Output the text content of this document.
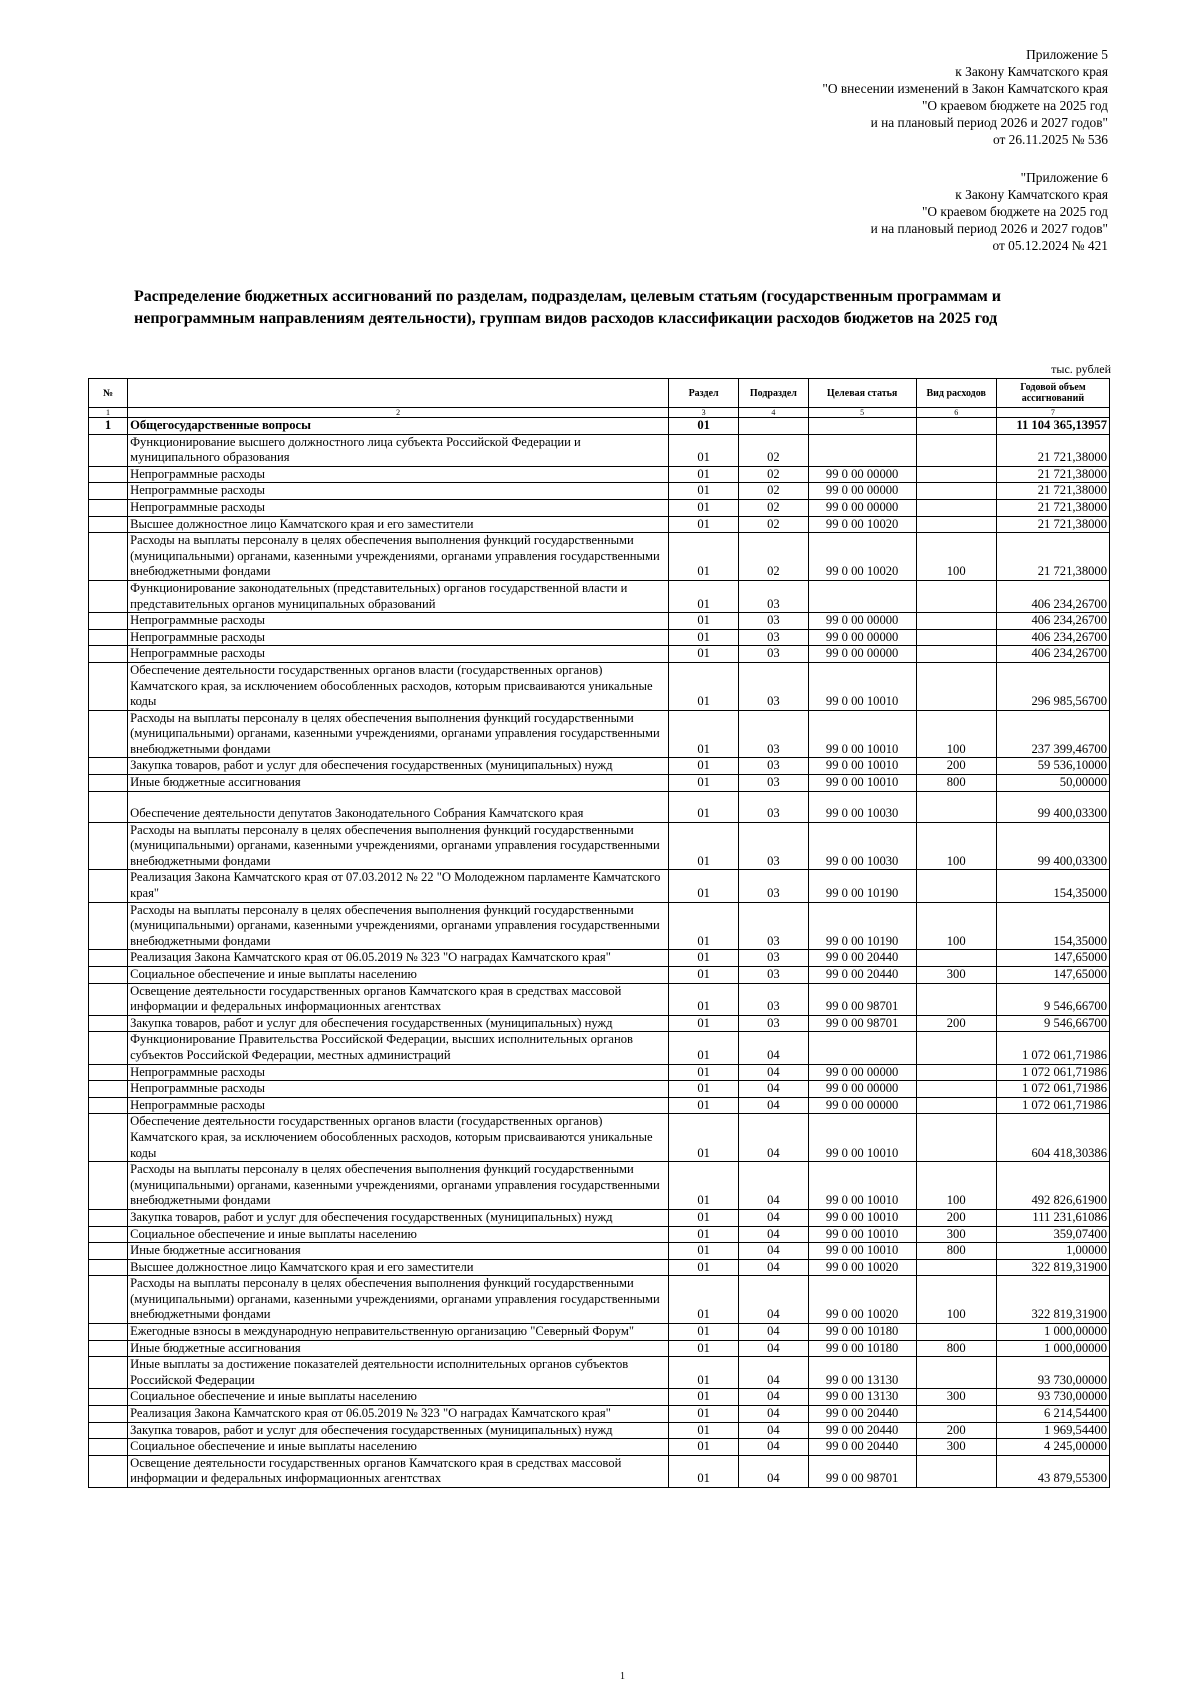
Приложение 5
к Закону Камчатского края
"О внесении изменений в Закон Камчатского края
"О краевом бюджете на 2025 год
и на плановый период 2026 и 2027 годов"
от 26.11.2025 № 536
"Приложение 6
к Закону Камчатского края
"О краевом бюджете на 2025 год
и на плановый период 2026 и 2027 годов"
от 05.12.2024 № 421
Распределение бюджетных ассигнований по разделам, подразделам, целевым статьям (государственным программам и непрограммным направлениям деятельности), группам видов расходов классификации расходов бюджетов на 2025 год
тыс. рублей
№		Раздел	Подраздел	Целевая статья	Вид расходов	Годовой объем ассигнований
1	2	3	4	5	6	7
1	Общегосударственные вопросы	01				11 104 365,13957
	Функционирование высшего должностного лица субъекта Российской Федерации и муниципального образования	01	02			21 721,38000
	Непрограммные расходы	01	02	99 0 00 00000		21 721,38000
	Непрограммные расходы	01	02	99 0 00 00000		21 721,38000
	Непрограммные расходы	01	02	99 0 00 00000		21 721,38000
	Высшее должностное лицо Камчатского края и его заместители	01	02	99 0 00 10020		21 721,38000
	Расходы на выплаты персоналу в целях обеспечения выполнения функций государственными (муниципальными) органами, казенными учреждениями, органами управления государственными внебюджетными фондами	01	02	99 0 00 10020	100	21 721,38000
	Функционирование законодательных (представительных) органов государственной власти и представительных органов муниципальных образований	01	03			406 234,26700
	Непрограммные расходы	01	03	99 0 00 00000		406 234,26700
	Непрограммные расходы	01	03	99 0 00 00000		406 234,26700
	Непрограммные расходы	01	03	99 0 00 00000		406 234,26700
	Обеспечение деятельности государственных органов власти (государственных органов) Камчатского края, за исключением обособленных расходов, которым присваиваются уникальные коды	01	03	99 0 00 10010		296 985,56700
	Расходы на выплаты персоналу в целях обеспечения выполнения функций государственными (муниципальными) органами, казенными учреждениями, органами управления государственными внебюджетными фондами	01	03	99 0 00 10010	100	237 399,46700
	Закупка товаров, работ и услуг для обеспечения государственных (муниципальных) нужд	01	03	99 0 00 10010	200	59 536,10000
	Иные бюджетные ассигнования	01	03	99 0 00 10010	800	50,00000
	Обеспечение деятельности депутатов Законодательного Собрания Камчатского края	01	03	99 0 00 10030		99 400,03300
	Расходы на выплаты персоналу в целях обеспечения выполнения функций государственными (муниципальными) органами, казенными учреждениями, органами управления государственными внебюджетными фондами	01	03	99 0 00 10030	100	99 400,03300
	Реализация Закона Камчатского края от 07.03.2012 № 22 "О Молодежном парламенте Камчатского края"	01	03	99 0 00 10190		154,35000
	Расходы на выплаты персоналу в целях обеспечения выполнения функций государственными (муниципальными) органами, казенными учреждениями, органами управления государственными внебюджетными фондами	01	03	99 0 00 10190	100	154,35000
	Реализация Закона Камчатского края от 06.05.2019 № 323 "О наградах Камчатского края"	01	03	99 0 00 20440		147,65000
	Социальное обеспечение и иные выплаты населению	01	03	99 0 00 20440	300	147,65000
	Освещение деятельности государственных органов Камчатского края в средствах массовой информации и федеральных информационных агентствах	01	03	99 0 00 98701		9 546,66700
	Закупка товаров, работ и услуг для обеспечения государственных (муниципальных) нужд	01	03	99 0 00 98701	200	9 546,66700
	Функционирование Правительства Российской Федерации, высших исполнительных органов субъектов Российской Федерации, местных администраций	01	04			1 072 061,71986
	Непрограммные расходы	01	04	99 0 00 00000		1 072 061,71986
	Непрограммные расходы	01	04	99 0 00 00000		1 072 061,71986
	Непрограммные расходы	01	04	99 0 00 00000		1 072 061,71986
	Обеспечение деятельности государственных органов власти (государственных органов) Камчатского края, за исключением обособленных расходов, которым присваиваются уникальные коды	01	04	99 0 00 10010		604 418,30386
	Расходы на выплаты персоналу в целях обеспечения выполнения функций государственными (муниципальными) органами, казенными учреждениями, органами управления государственными внебюджетными фондами	01	04	99 0 00 10010	100	492 826,61900
	Закупка товаров, работ и услуг для обеспечения государственных (муниципальных) нужд	01	04	99 0 00 10010	200	111 231,61086
	Социальное обеспечение и иные выплаты населению	01	04	99 0 00 10010	300	359,07400
	Иные бюджетные ассигнования	01	04	99 0 00 10010	800	1,00000
	Высшее должностное лицо Камчатского края и его заместители	01	04	99 0 00 10020		322 819,31900
	Расходы на выплаты персоналу в целях обеспечения выполнения функций государственными (муниципальными) органами, казенными учреждениями, органами управления государственными внебюджетными фондами	01	04	99 0 00 10020	100	322 819,31900
	Ежегодные взносы в международную неправительственную организацию "Северный Форум"	01	04	99 0 00 10180		1 000,00000
	Иные бюджетные ассигнования	01	04	99 0 00 10180	800	1 000,00000
	Иные выплаты за достижение показателей деятельности исполнительных органов субъектов Российской Федерации	01	04	99 0 00 13130		93 730,00000
	Социальное обеспечение и иные выплаты населению	01	04	99 0 00 13130	300	93 730,00000
	Реализация Закона Камчатского края от 06.05.2019 № 323 "О наградах Камчатского края"	01	04	99 0 00 20440		6 214,54400
	Закупка товаров, работ и услуг для обеспечения государственных (муниципальных) нужд	01	04	99 0 00 20440	200	1 969,54400
	Социальное обеспечение и иные выплаты населению	01	04	99 0 00 20440	300	4 245,00000
	Освещение деятельности государственных органов Камчатского края в средствах массовой информации и федеральных информационных агентствах	01	04	99 0 00 98701		43 879,55300
1
